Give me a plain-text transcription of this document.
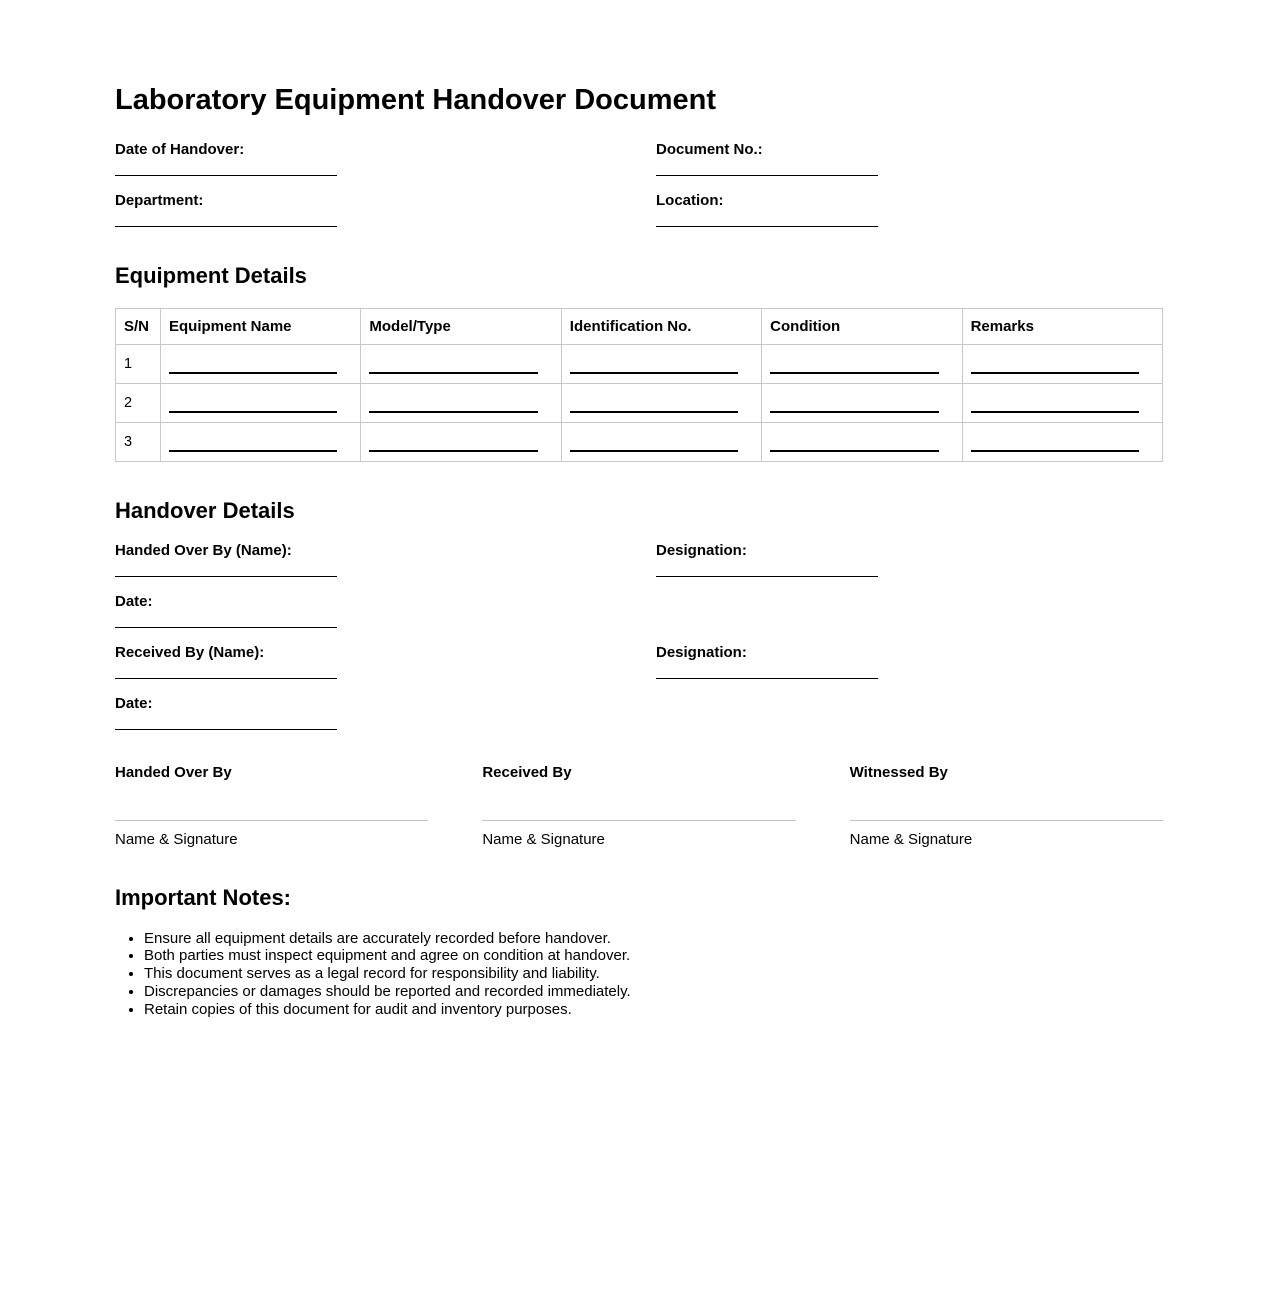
Laboratory Equipment Handover Document
Date of Handover:	Document No.:
Department:	Location:
Equipment Details
S/N	Equipment Name	Model/Type	Identification No.	Condition	Remarks
1	

2	

3	

Handover Details
Handed Over By (Name):	Designation:
Date:
Received By (Name):	Designation:
Date:
Handed Over By
Name & Signature
Received By
Name & Signature
Witnessed By
Name & Signature
Important Notes:
• Ensure all equipment details are accurately recorded before handover.
• Both parties must inspect equipment and agree on condition at handover.
• This document serves as a legal record for responsibility and liability.
• Discrepancies or damages should be reported and recorded immediately.
• Retain copies of this document for audit and inventory purposes.
